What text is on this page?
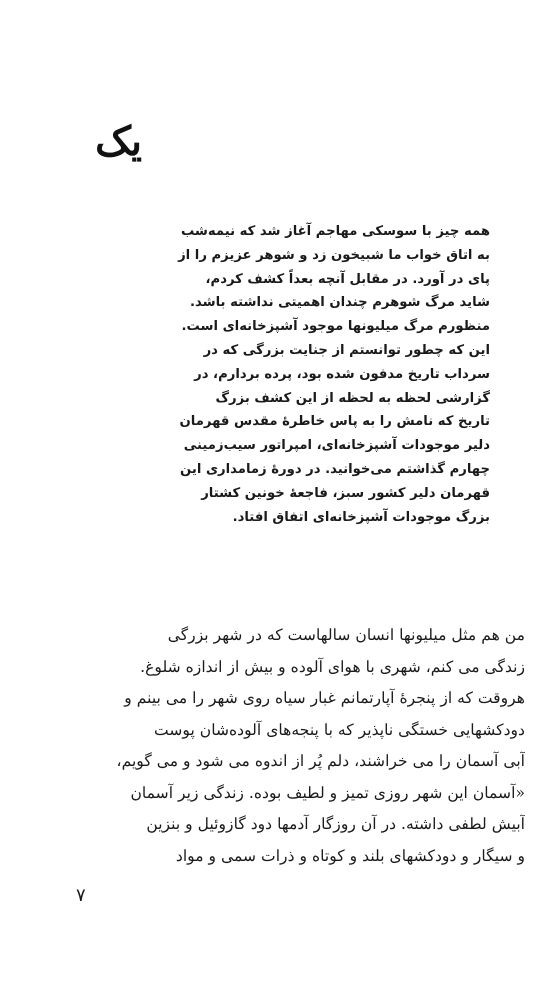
یک
همه چیز با سوسکی مهاجم آغاز شد که نیمه‌شب
به اتاق خواب ما شبیخون زد و شوهر عزیزم را از
پای در آورد. در مقابل آنچه بعداً کشف کردم،
شاید مرگ شوهرم چندان اهمیتی نداشته باشد.
منظورم مرگ میلیونها موجود آشپزخانه‌ای است.
این که چطور توانستم از جنایت بزرگی که در
سرداب تاریخ مدفون شده بود، پرده بردارم، در
گزارشی لحظه به لحظه از این کشف بزرگ
تاریخ که نامش را به پاس خاطرهٔ مقدس قهرمان
دلیر موجودات آشپزخانه‌ای، امپراتور سیب‌زمینی
چهارم گذاشتم می‌خوانید. در دورهٔ زمامداری این
قهرمان دلیر کشور سبز، فاجعهٔ خونین کشتار
بزرگ موجودات آشپزخانه‌ای اتفاق افتاد.
من هم مثل میلیونها انسان سالهاست که در شهر بزرگی
زندگی می کنم، شهری با هوای آلوده و بیش از اندازه شلوغ.
هروقت که از پنجرهٔ آپارتمانم غبار سیاه روی شهر را می بینم و
دودکشهایی خستگی ناپذیر که با پنجه‌های آلوده‌شان پوست
آبی آسمان را می خراشند، دلم پُر از اندوه می شود و می گویم،
«آسمان این شهر روزی تمیز و لطیف بوده. زندگی زیر آسمان
آبیش لطفی داشته. در آن روزگار آدمها دود گازوئیل و بنزین
و سیگار و دودکشهای بلند و کوتاه و ذرات سمی و مواد
۷
